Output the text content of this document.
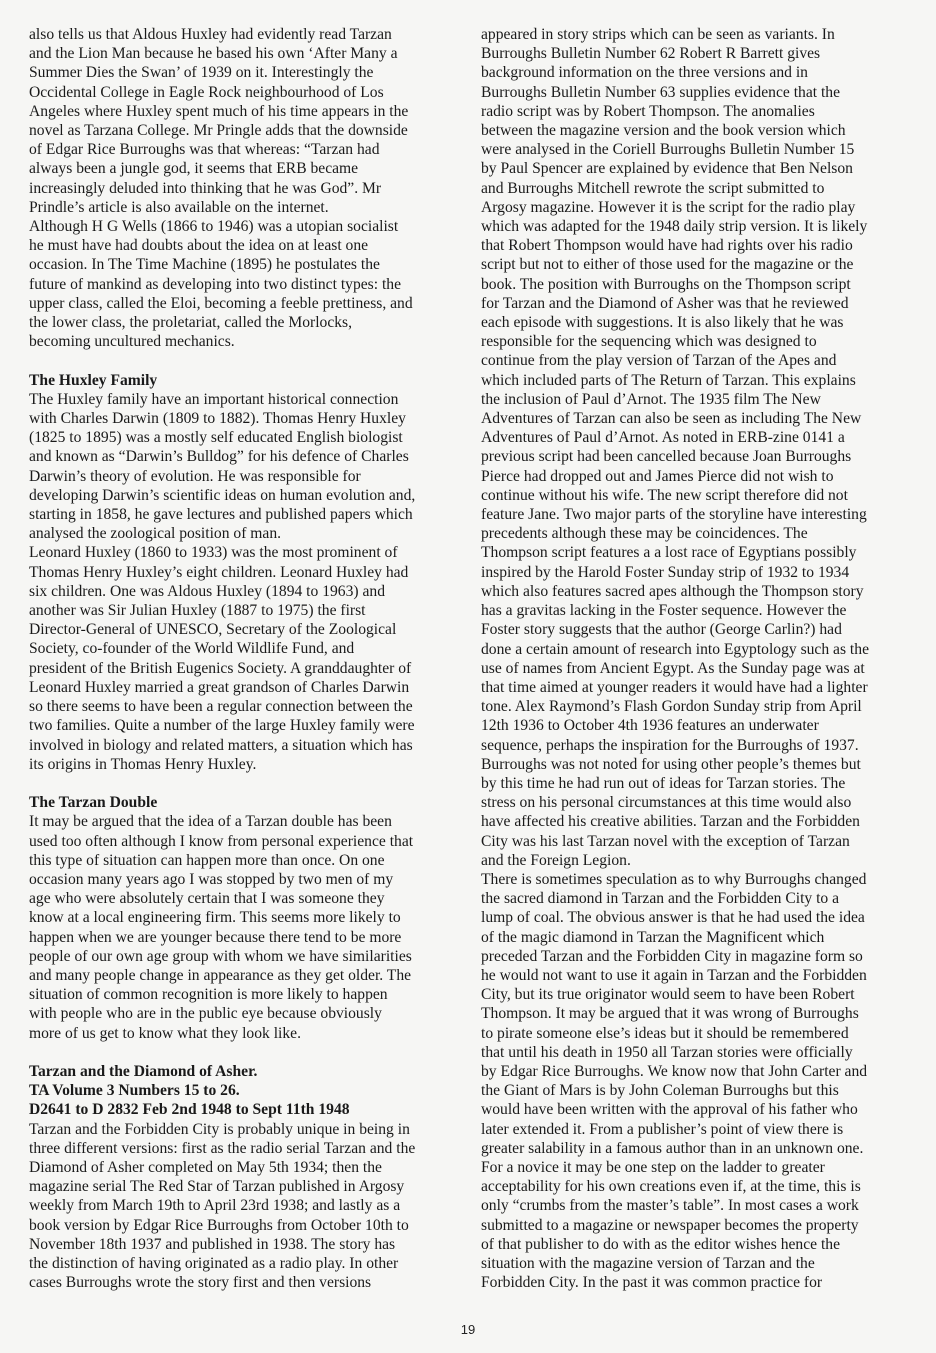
also tells us that Aldous Huxley had evidently read Tarzan

and the Lion Man because he based his own ‘After Many a

Summer Dies the Swan’ of 1939 on it. Interestingly the

Occidental College in Eagle Rock neighbourhood of Los

Angeles where Huxley spent much of his time appears in the

novel as Tarzana College. Mr Pringle adds that the downside

of Edgar Rice Burroughs was that whereas: “Tarzan had

always been a jungle god, it seems that ERB became

increasingly deluded into thinking that he was God”. Mr

Prindle’s article is also available on the internet.

Although H G Wells (1866 to 1946) was a utopian socialist

he must have had doubts about the idea on at least one

occasion. In The Time Machine (1895) he postulates the

future of mankind as developing into two distinct types: the

upper class, called the Eloi, becoming a feeble prettiness, and

the lower class, the proletariat, called the Morlocks,

becoming uncultured mechanics.

The Huxley Family

The Huxley family have an important historical connection

with Charles Darwin (1809 to 1882). Thomas Henry Huxley

(1825 to 1895) was a mostly self educated English biologist

and known as “Darwin’s Bulldog” for his defence of Charles

Darwin’s theory of evolution. He was responsible for

developing Darwin’s scientific ideas on human evolution and,

starting in 1858, he gave lectures and published papers which

analysed the zoological position of man.

Leonard Huxley (1860 to 1933) was the most prominent of

Thomas Henry Huxley’s eight children. Leonard Huxley had

six children. One was Aldous Huxley (1894 to 1963) and

another was Sir Julian Huxley (1887 to 1975) the first

Director-General of UNESCO, Secretary of the Zoological

Society, co-founder of the World Wildlife Fund, and

president of the British Eugenics Society. A granddaughter of

Leonard Huxley married a great grandson of Charles Darwin

so there seems to have been a regular connection between the

two families. Quite a number of the large Huxley family were

involved in biology and related matters, a situation which has

its origins in Thomas Henry Huxley.

The Tarzan Double

It may be argued that the idea of a Tarzan double has been

used too often although I know from personal experience that

this type of situation can happen more than once. On one

occasion many years ago I was stopped by two men of my

age who were absolutely certain that I was someone they

know at a local engineering firm. This seems more likely to

happen when we are younger because there tend to be more

people of our own age group with whom we have similarities

and many people change in appearance as they get older. The

situation of common recognition is more likely to happen

with people who are in the public eye because obviously

more of us get to know what they look like.

Tarzan and the Diamond of Asher.
TA Volume 3 Numbers 15 to 26.
D2641 to D 2832 Feb 2nd 1948 to Sept 11th 1948

Tarzan and the Forbidden City is probably unique in being in

three different versions: first as the radio serial Tarzan and the

Diamond of Asher completed on May 5th 1934; then the

magazine serial The Red Star of Tarzan published in Argosy

weekly from March 19th to April 23rd 1938; and lastly as a

book version by Edgar Rice Burroughs from October 10th to

November 18th 1937 and published in 1938. The story has

the distinction of having originated as a radio play. In other

cases Burroughs wrote the story first and then versions

appeared in story strips which can be seen as variants. In

Burroughs Bulletin Number 62 Robert R Barrett gives

background information on the three versions and in

Burroughs Bulletin Number 63 supplies evidence that the

radio script was by Robert Thompson. The anomalies

between the magazine version and the book version which

were analysed in the Coriell Burroughs Bulletin Number 15

by Paul Spencer are explained by evidence that Ben Nelson

and Burroughs Mitchell rewrote the script submitted to

Argosy magazine. However it is the script for the radio play

which was adapted for the 1948 daily strip version. It is likely

that Robert Thompson would have had rights over his radio

script but not to either of those used for the magazine or the

book. The position with Burroughs on the Thompson script

for Tarzan and the Diamond of Asher was that he reviewed

each episode with suggestions. It is also likely that he was

responsible for the sequencing which was designed to

continue from the play version of Tarzan of the Apes and

which included parts of The Return of Tarzan. This explains

the inclusion of Paul d’Arnot. The 1935 film The New

Adventures of Tarzan can also be seen as including The New

Adventures of Paul d’Arnot. As noted in ERB-zine 0141 a

previous script had been cancelled because Joan Burroughs

Pierce had dropped out and James Pierce did not wish to

continue without his wife. The new script therefore did not

feature Jane. Two major parts of the storyline have interesting

precedents although these may be coincidences. The

Thompson script features a a lost race of Egyptians possibly

inspired by the Harold Foster Sunday strip of 1932 to 1934

which also features sacred apes although the Thompson story

has a gravitas lacking in the Foster sequence. However the

Foster story suggests that the author (George Carlin?) had

done a certain amount of research into Egyptology such as the

use of names from Ancient Egypt. As the Sunday page was at

that time aimed at younger readers it would have had a lighter

tone. Alex Raymond’s Flash Gordon Sunday strip from April

12th 1936 to October 4th 1936 features an underwater

sequence, perhaps the inspiration for the Burroughs of 1937.

Burroughs was not noted for using other people’s themes but

by this time he had run out of ideas for Tarzan stories. The

stress on his personal circumstances at this time would also

have affected his creative abilities. Tarzan and the Forbidden

City was his last Tarzan novel with the exception of Tarzan

and the Foreign Legion.

There is sometimes speculation as to why Burroughs changed

the sacred diamond in Tarzan and the Forbidden City to a

lump of coal. The obvious answer is that he had used the idea

of the magic diamond in Tarzan the Magnificent which

preceded Tarzan and the Forbidden City in magazine form so

he would not want to use it again in Tarzan and the Forbidden

City, but its true originator would seem to have been Robert

Thompson. It may be argued that it was wrong of Burroughs

to pirate someone else’s ideas but it should be remembered

that until his death in 1950 all Tarzan stories were officially

by Edgar Rice Burroughs. We know now that John Carter and

the Giant of Mars is by John Coleman Burroughs but this

would have been written with the approval of his father who

later extended it. From a publisher’s point of view there is

greater salability in a famous author than in an unknown one.

For a novice it may be one step on the ladder to greater

acceptability for his own creations even if, at the time, this is

only “crumbs from the master’s table”. In most cases a work

submitted to a magazine or newspaper becomes the property

of that publisher to do with as the editor wishes hence the

situation with the magazine version of Tarzan and the

Forbidden City. In the past it was common practice for

19
